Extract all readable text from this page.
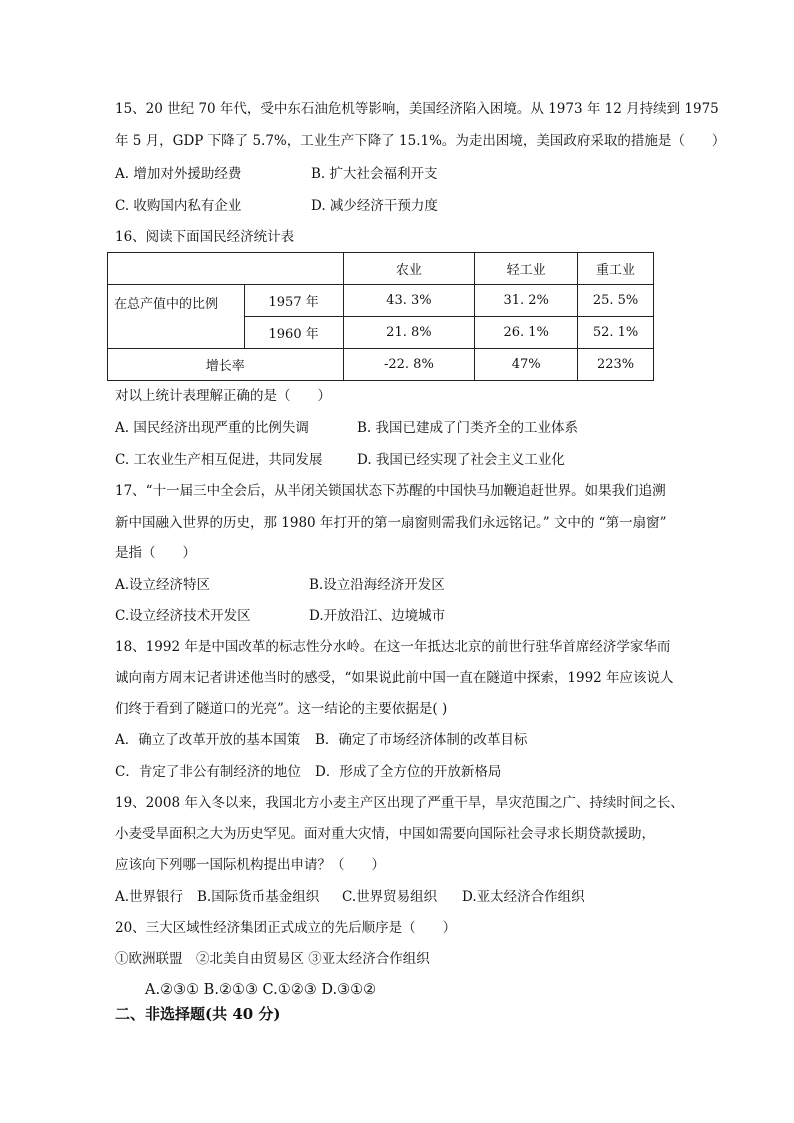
15、20 世纪 70 年代，受中东石油危机等影响，美国经济陷入困境。从 1973 年 12 月持续到 1975
年 5 月，GDP 下降了 5.7%，工业生产下降了 15.1%。为走出困境，美国政府采取的措施是（　　）
A. 增加对外援助经费	B. 扩大社会福利开支
C. 收购国内私有企业	D. 减少经济干预力度
16、阅读下面国民经济统计表
		农业	轻工业	重工业
在总产值中的比例	1957 年	43. 3%	31. 2%	25. 5%
	1960 年	21. 8%	26. 1%	52. 1%
增长率		-22. 8%	47%	223%
对以上统计表理解正确的是（　　）
A. 国民经济出现严重的比例失调	B. 我国已建成了门类齐全的工业体系
C. 工农业生产相互促进，共同发展	D. 我国已经实现了社会主义工业化
17、“十一届三中全会后，从半闭关锁国状态下苏醒的中国快马加鞭追赶世界。如果我们追溯
新中国融入世界的历史，那 1980 年打开的第一扇窗则需我们永远铭记。” 文中的 “第一扇窗”
是指（　　）
A.设立经济特区	B.设立沿海经济开发区
C.设立经济技术开发区	D.开放沿江、边境城市
18、1992 年是中国改革的标志性分水岭。在这一年抵达北京的前世行驻华首席经济学家华而
诚向南方周末记者讲述他当时的感受，“如果说此前中国一直在隧道中探索，1992 年应该说人
们终于看到了隧道口的光亮”。这一结论的主要依据是( )
A．确立了改革开放的基本国策 B．确定了市场经济体制的改革目标
C．肯定了非公有制经济的地位 D．形成了全方位的开放新格局
19、2008 年入冬以来，我国北方小麦主产区出现了严重干旱，旱灾范围之广、持续时间之长、
小麦受旱面积之大为历史罕见。面对重大灾情，中国如需要向国际社会寻求长期贷款援助，
应该向下列哪一国际机构提出申请？（　　）
A.世界银行 B.国际货币基金组织 C.世界贸易组织 D.亚太经济合作组织
20、三大区域性经济集团正式成立的先后顺序是（　　）
①欧洲联盟　②北美自由贸易区 ③亚太经济合作组织
A.②③① B.②①③ C.①②③ D.③①②
二、非选择题(共 40 分)
